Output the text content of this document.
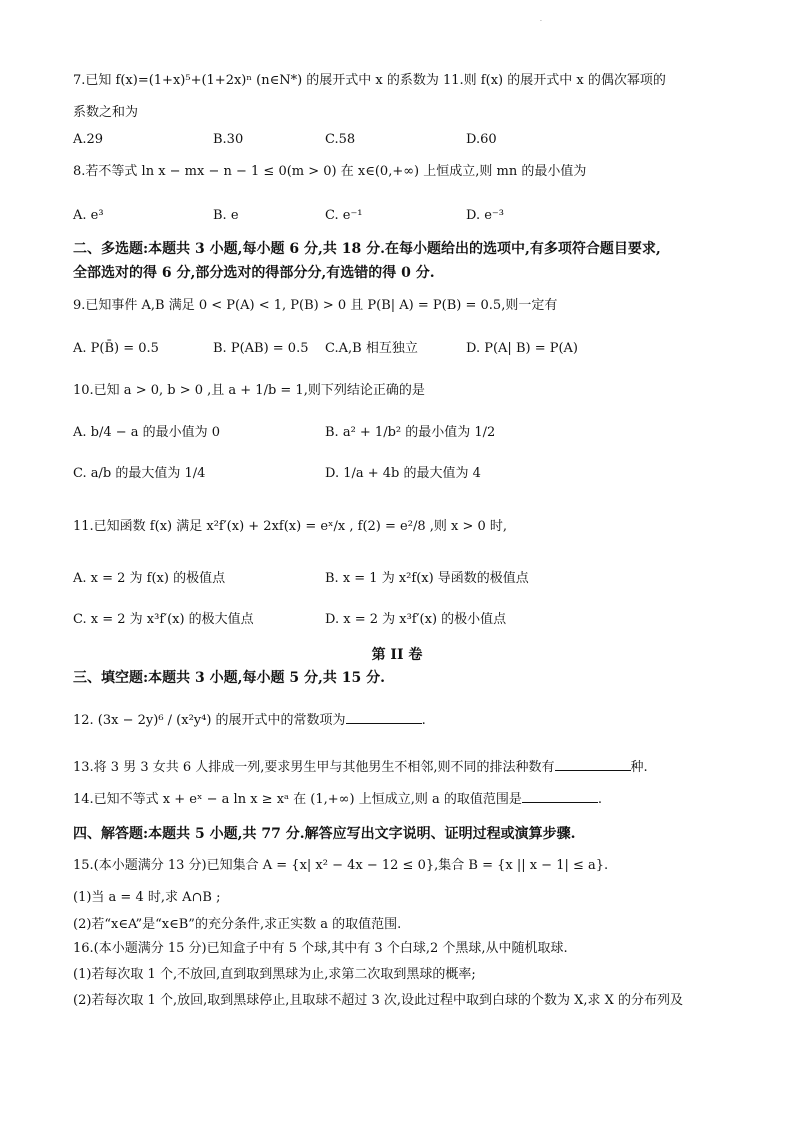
.
7.已知 f(x)=(1+x)⁵+(1+2x)ⁿ (n∈N*) 的展开式中 x 的系数为 11.则 f(x) 的展开式中 x 的偶次幂项的
系数之和为
A.29	B.30	C.58	D.60
8.若不等式 ln x − mx − n − 1 ≤ 0(m > 0) 在 x∈(0,+∞) 上恒成立,则 mn 的最小值为
A. e³	B. e	C. e⁻¹	D. e⁻³
二、多选题:本题共 3 小题,每小题 6 分,共 18 分.在每小题给出的选项中,有多项符合题目要求,
全部选对的得 6 分,部分选对的得部分分,有选错的得 0 分.
9.已知事件 A,B 满足 0 < P(A) < 1, P(B) > 0 且 P(B| A) = P(B) = 0.5,则一定有
A. P(B̄) = 0.5	B. P(AB) = 0.5 C.A,B 相互独立	D. P(A| B) = P(A)
10.已知 a > 0, b > 0 ,且 a + 1/b = 1,则下列结论正确的是
A. b/4 − a 的最小值为 0	B. a² + 1/b² 的最小值为 1/2
C. a/b 的最大值为 1/4	D. 1/a + 4b 的最大值为 4
11.已知函数 f(x) 满足 x²f′(x) + 2xf(x) = eˣ/x , f(2) = e²/8 ,则 x > 0 时,
A. x = 2 为 f(x) 的极值点	B. x = 1 为 x²f(x) 导函数的极值点
C. x = 2 为 x³f′(x) 的极大值点	D. x = 2 为 x³f′(x) 的极小值点
第 II 卷
三、填空题:本题共 3 小题,每小题 5 分,共 15 分.
12. (3x − 2y)⁶ / (x²y⁴) 的展开式中的常数项为	.
13.将 3 男 3 女共 6 人排成一列,要求男生甲与其他男生不相邻,则不同的排法种数有	种.
14.已知不等式 x + eˣ − a ln x ≥ xᵃ 在 (1,+∞) 上恒成立,则 a 的取值范围是	.
四、解答题:本题共 5 小题,共 77 分.解答应写出文字说明、证明过程或演算步骤.
15.(本小题满分 13 分)已知集合 A = {x| x² − 4x − 12 ≤ 0},集合 B = {x || x − 1| ≤ a}.
(1)当 a = 4 时,求 A∩B ;
(2)若“x∈A”是“x∈B”的充分条件,求正实数 a 的取值范围.
16.(本小题满分 15 分)已知盒子中有 5 个球,其中有 3 个白球,2 个黑球,从中随机取球.
(1)若每次取 1 个,不放回,直到取到黑球为止,求第二次取到黑球的概率;
(2)若每次取 1 个,放回,取到黑球停止,且取球不超过 3 次,设此过程中取到白球的个数为 X,求 X 的分布列及
